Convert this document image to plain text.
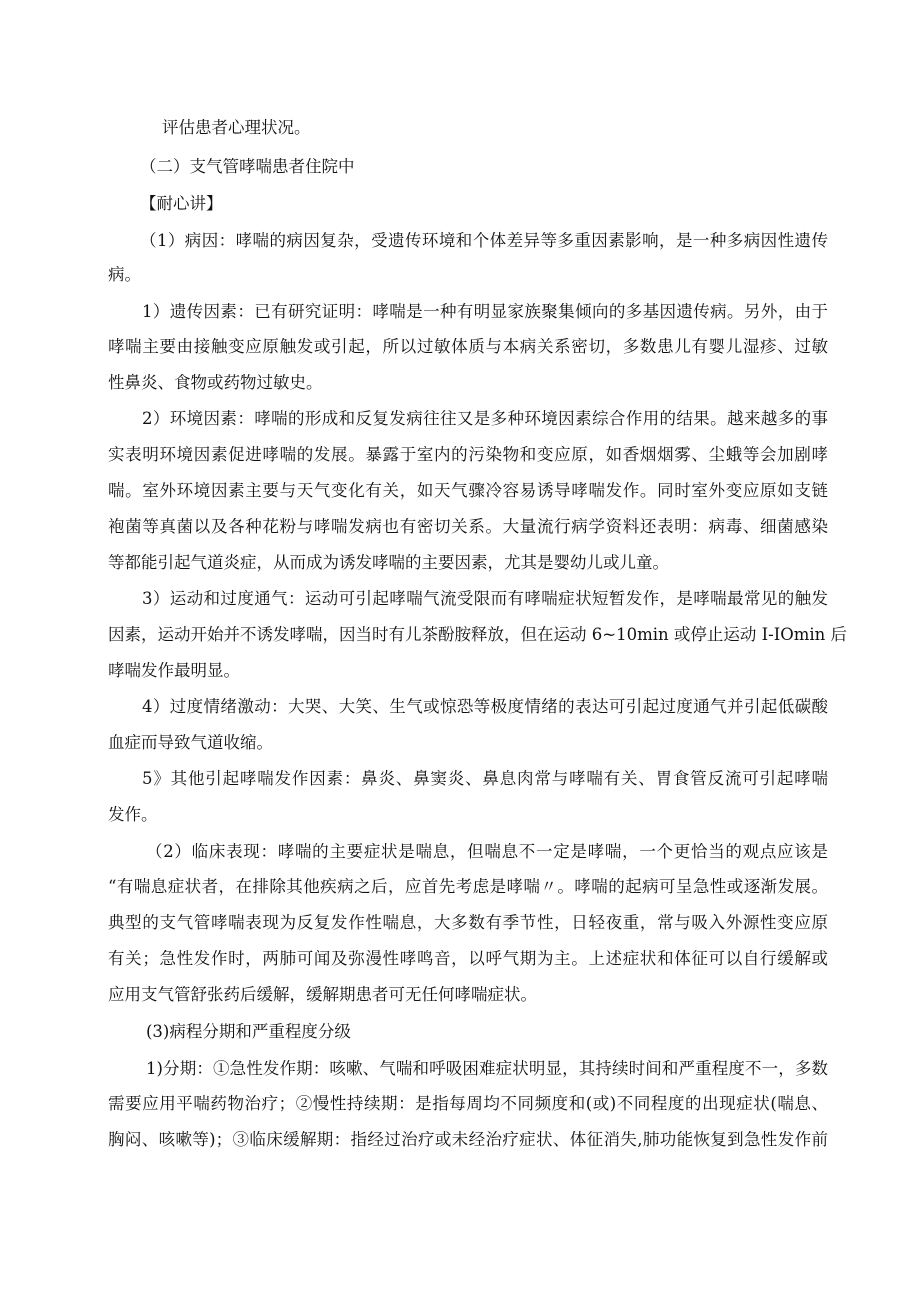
评估患者心理状况。
（二）支气管哮喘患者住院中
【耐心讲】
（1）病因：哮喘的病因复杂，受遗传环境和个体差异等多重因素影响，是一种多病因性遗传
病。
1）遗传因素：已有研究证明：哮喘是一种有明显家族聚集倾向的多基因遗传病。另外，由于
哮喘主要由接触变应原触发或引起，所以过敏体质与本病关系密切，多数患儿有婴儿湿疹、过敏
性鼻炎、食物或药物过敏史。
2）环境因素：哮喘的形成和反复发病往往又是多种环境因素综合作用的结果。越来越多的事
实表明环境因素促进哮喘的发展。暴露于室内的污染物和变应原，如香烟烟雾、尘蛾等会加剧哮
喘。室外环境因素主要与天气变化有关，如天气骤冷容易诱导哮喘发作。同时室外变应原如支链
袍菌等真菌以及各种花粉与哮喘发病也有密切关系。大量流行病学资料还表明：病毒、细菌感染
等都能引起气道炎症，从而成为诱发哮喘的主要因素，尤其是婴幼儿或儿童。
3）运动和过度通气：运动可引起哮喘气流受限而有哮喘症状短暂发作，是哮喘最常见的触发
因素，运动开始并不诱发哮喘，因当时有儿茶酚胺释放，但在运动 6~10min 或停止运动 I-IOmin 后
哮喘发作最明显。
4）过度情绪激动：大哭、大笑、生气或惊恐等极度情绪的表达可引起过度通气并引起低碳酸
血症而导致气道收缩。
5》其他引起哮喘发作因素：鼻炎、鼻窦炎、鼻息肉常与哮喘有关、胃食管反流可引起哮喘
发作。
（2）临床表现：哮喘的主要症状是喘息，但喘息不一定是哮喘，一个更恰当的观点应该是
“有喘息症状者，在排除其他疾病之后，应首先考虑是哮喘〃。哮喘的起病可呈急性或逐渐发展。
典型的支气管哮喘表现为反复发作性喘息，大多数有季节性，日轻夜重，常与吸入外源性变应原
有关；急性发作时，两肺可闻及弥漫性哮鸣音，以呼气期为主。上述症状和体征可以自行缓解或
应用支气管舒张药后缓解，缓解期患者可无任何哮喘症状。
(3)病程分期和严重程度分级
1)分期：①急性发作期：咳嗽、气喘和呼吸困难症状明显，其持续时间和严重程度不一，多数
需要应用平喘药物治疗；②慢性持续期：是指每周均不同频度和(或)不同程度的出现症状(喘息、
胸闷、咳嗽等)；③临床缓解期：指经过治疗或未经治疗症状、体征消失,肺功能恢复到急性发作前
